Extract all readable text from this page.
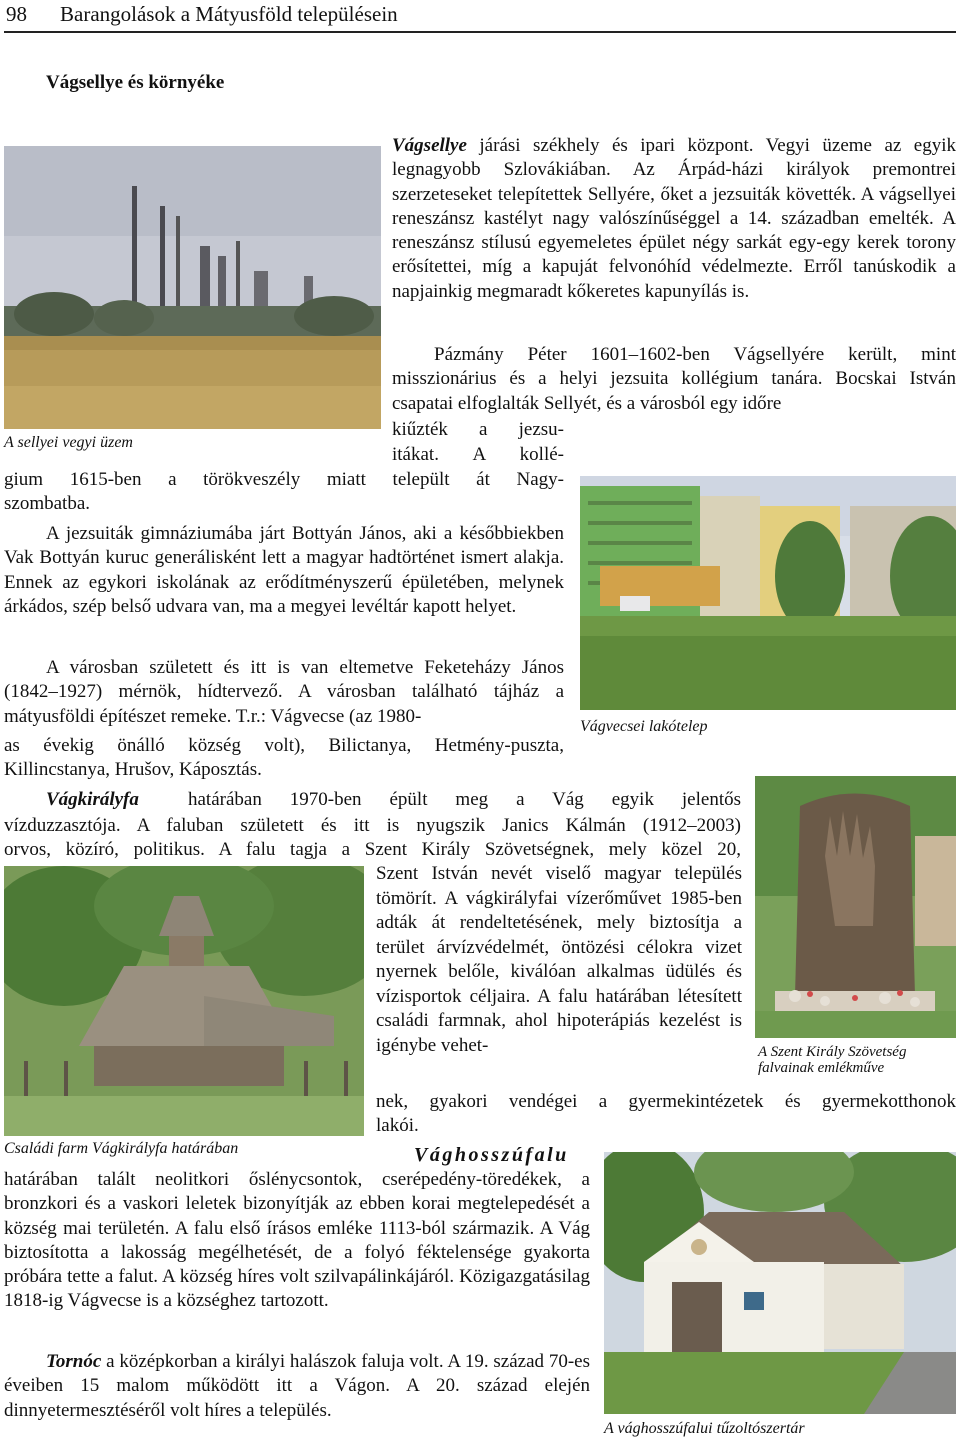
98 Barangolások a Mátyusföld településein
Vágsellye és környéke
A sellyei vegyi üzem

Vágsellye járási székhely és ipari központ. Vegyi üzeme az egyik legnagyobb Szlovákiában. Az Árpád-házi királyok premontrei szerzeteseket telepítettek Sellyére, őket a jezsuiták követték. A vágsellyei reneszánsz kastélyt nagy valószínűséggel a 14. században emelték. A reneszánsz stílusú egyemeletes épület négy sarkát egy-egy kerek torony erősítettei, míg a kapuját felvonóhíd védelmezte. Erről tanúskodik a napjainkig megmaradt kőkeretes kapunyílás is.

Pázmány Péter 1601–1602-ben Vágsellyére került, mint misszionárius és a helyi jezsuita kollégium tanára. Bocskai István csapatai elfoglalták Sellyét, és a városból egy időre

kiűzték a jezsu-
itákat. A kollé-
gium 1615-ben a törökveszély miatt települt át Nagy-
szombatba.
Vágvecsei lakótelep

A jezsuiták gimnáziumába járt Bottyán János, aki a későbbiekben Vak Bottyán kuruc generálisként lett a magyar hadtörténet ismert alakja. Ennek az egykori iskolának az erődítményszerű épületében, melynek árkádos, szép belső udvara van, ma a megyei levéltár kapott helyet.

A városban született és itt is van eltemetve Feketeházy János (1842–1927) mérnök, hídtervező. A városban található tájház a mátyusföldi építészet remeke. T.r.: Vágvecse (az 1980-

as évekig önálló község volt), Bilictanya, Hetmény-puszta,
Killincstanya, Hrušov, Káposztás.
Vágkirályfa	határában 1970-ben épült meg a Vág egyik jelentős
vízduzzasztója. A faluban született és itt is nyugszik Janics Kálmán (1912–2003)
orvos, közíró, politikus. A falu tagja a Szent Király Szövetségnek, mely közel 20,

Szent István nevét viselő magyar település tömörít. A vágkirályfai vízerőművet 1985-ben adták át rendeltetésének, mely biztosítja a terület árvízvédelmét, öntözési célokra vizet nyernek belőle, kiválóan alkalmas üdülés és vízisportok céljaira. A falu határában létesített családi farmnak, ahol hipoterápiás kezelést is igénybe vehet-

nek, gyakori vendégei a gyermekintézetek és gyermekotthonok
lakói.
A Szent Király Szövetség falvainak emlékműve
Családi farm Vágkirályfa határában	Vághosszúfalu

határában talált neolitkori őslénycsontok, cserépedény-töredékek, a bronzkori és a vaskori leletek bizonyítják az ebben korai megtelepedését a község mai területén. A falu első írásos emléke 1113-ból származik. A Vág biztosította a lakosság megélhetését, de a folyó féktelensége gyakorta próbára tette a falut. A község híres volt szilvapálinkájáról. Közigazgatásilag 1818-ig Vágvecse is a községhez tartozott.

Tornóc a középkorban a királyi halászok faluja volt. A 19. század 70-es éveiben 15 malom működött itt a Vágon. A 20. század elején dinnyetermesztéséről volt híres a település.

A vághosszúfalui tűzoltószertár
